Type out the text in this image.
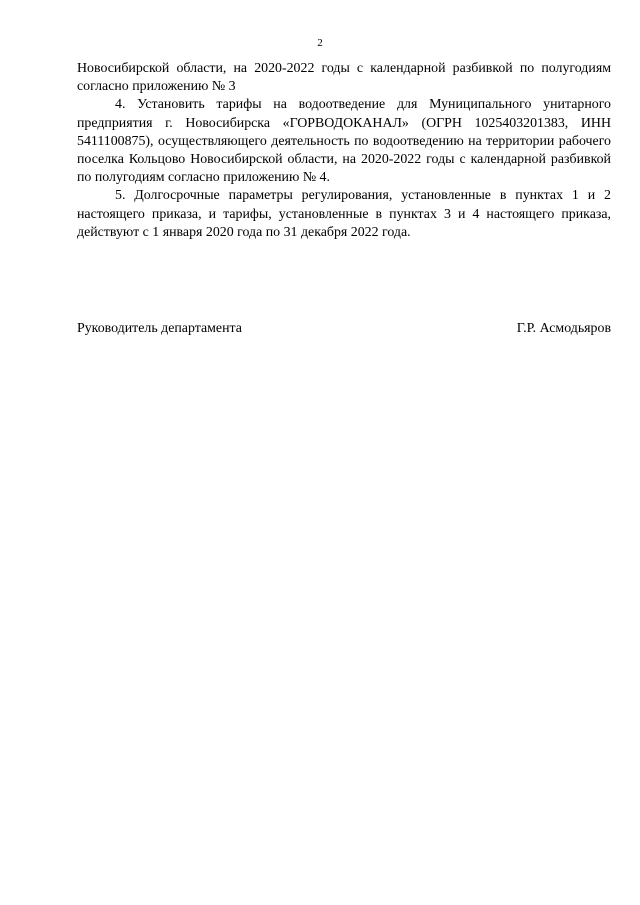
2

Новосибирской области, на 2020-2022 годы с календарной разбивкой по полугодиям согласно приложению № 3

4. Установить тарифы на водоотведение для Муниципального унитарного предприятия г. Новосибирска «ГОРВОДОКАНАЛ» (ОГРН 1025403201383, ИНН 5411100875), осуществляющего деятельность по водоотведению на территории рабочего поселка Кольцово Новосибирской области, на 2020-2022 годы с календарной разбивкой по полугодиям согласно приложению № 4.

5. Долгосрочные параметры регулирования, установленные в пунктах 1 и 2 настоящего приказа, и тарифы, установленные в пунктах 3 и 4 настоящего приказа, действуют с 1 января 2020 года по 31 декабря 2022 года.

Руководитель департамента	Г.Р. Асмодьяров
